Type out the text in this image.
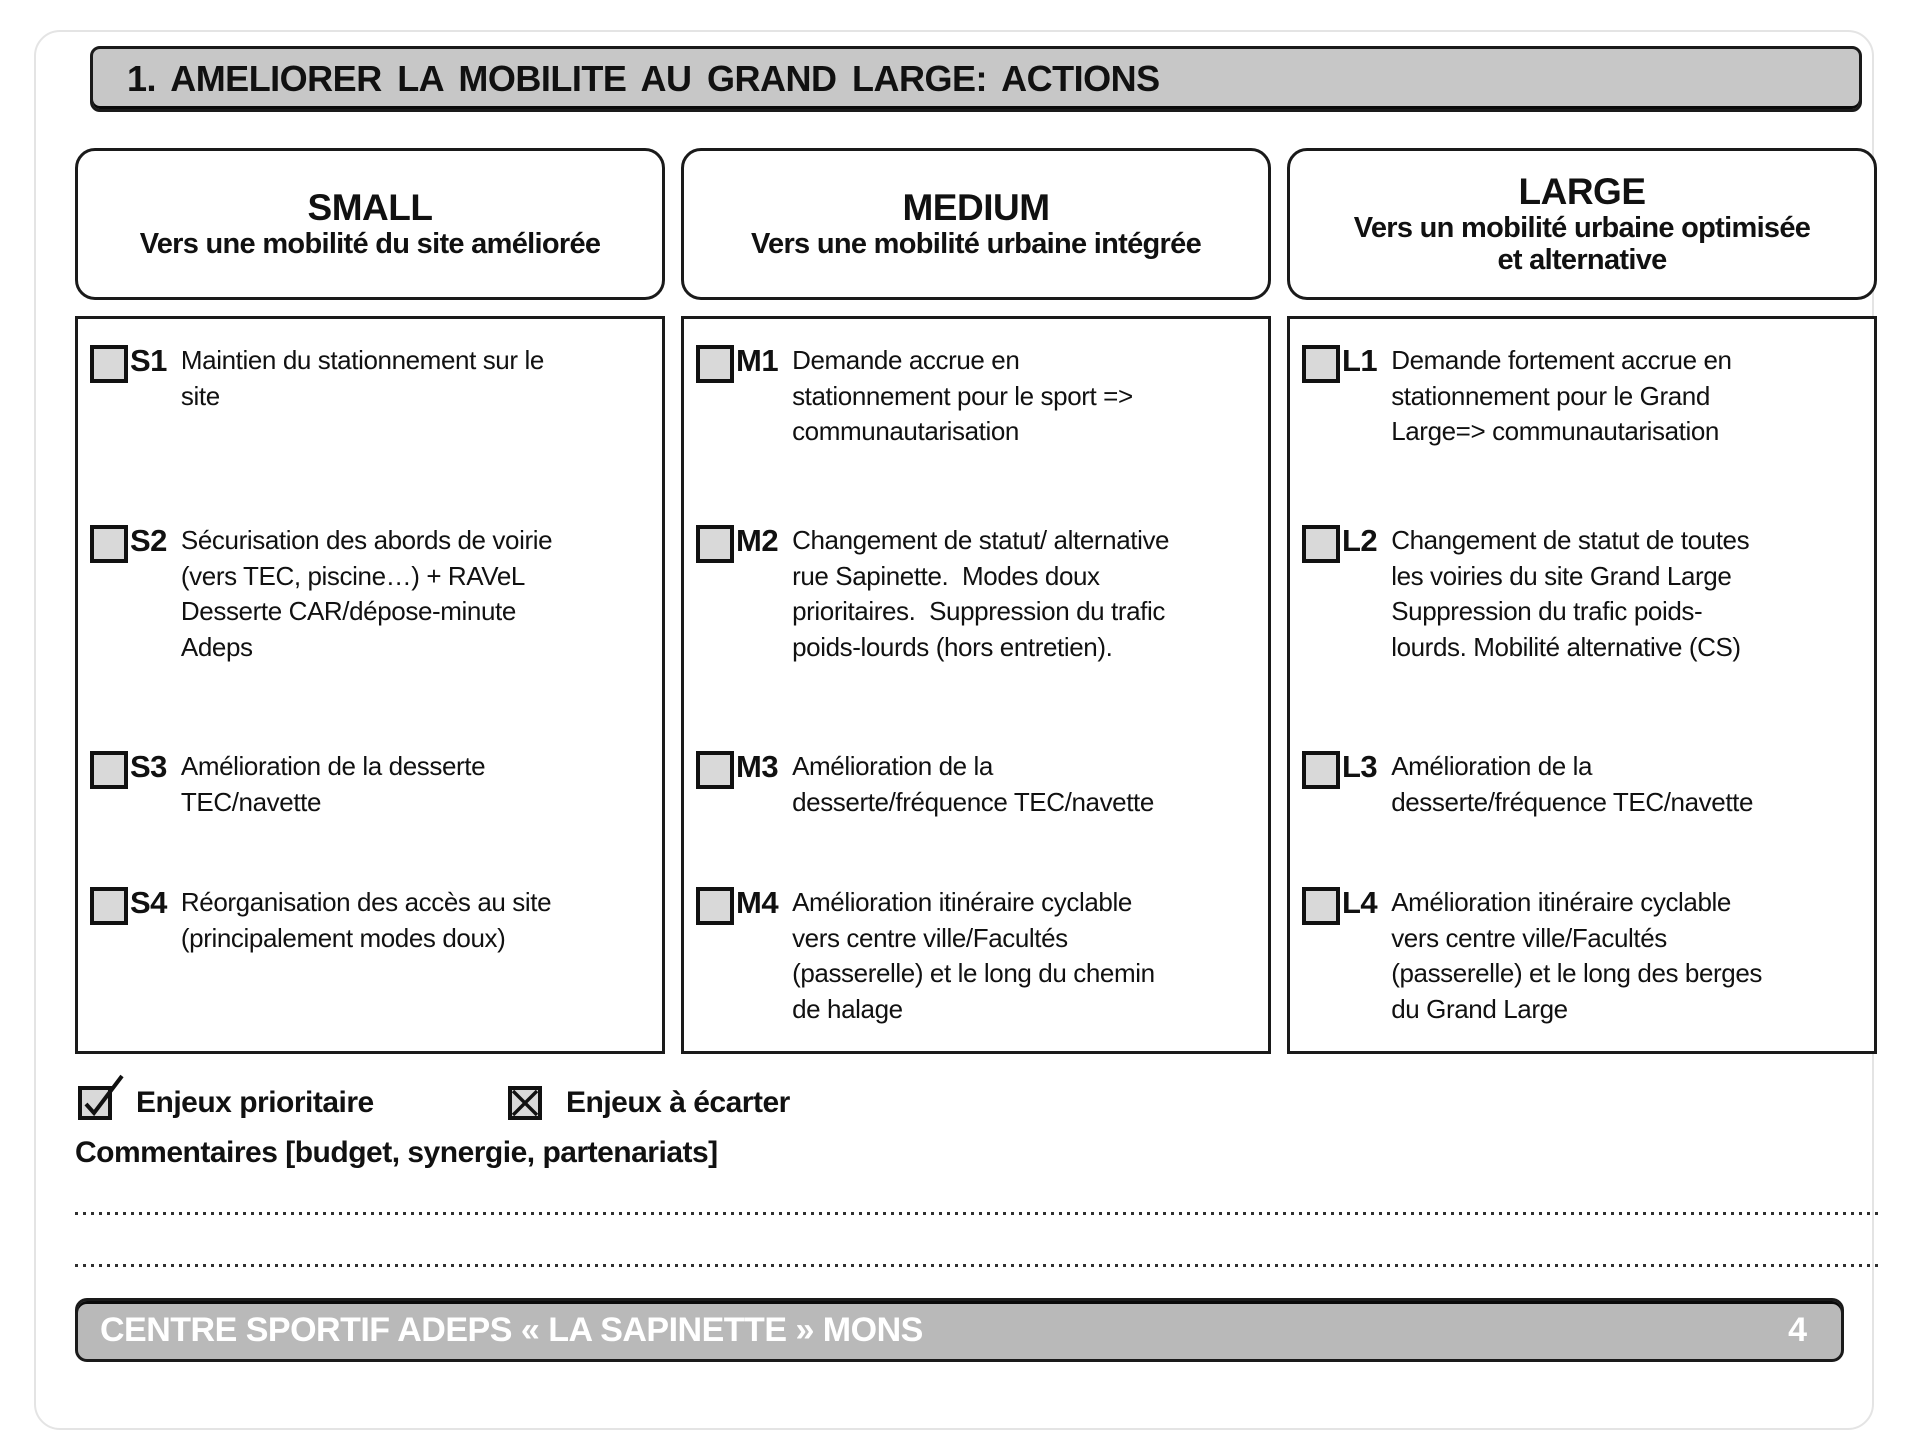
1. AMELIORER LA MOBILITE AU GRAND LARGE: ACTIONS
SMALL
Vers une mobilité du site améliorée
MEDIUM
Vers une mobilité urbaine intégrée
LARGE
Vers un mobilité urbaine optimisée
et alternative
S1 Maintien du stationnement sur le
site
S2 Sécurisation des abords de voirie
(vers TEC, piscine…) + RAVeL
Desserte CAR/dépose-minute
Adeps
S3 Amélioration de la desserte
TEC/navette
S4 Réorganisation des accès au site
(principalement modes doux)
M1 Demande accrue en
stationnement pour le sport =>
communautarisation
M2 Changement de statut/ alternative
rue Sapinette.  Modes doux
prioritaires.  Suppression du trafic
poids-lourds (hors entretien).
M3 Amélioration de la
desserte/fréquence TEC/navette
M4 Amélioration itinéraire cyclable
vers centre ville/Facultés
(passerelle) et le long du chemin
de halage
L1 Demande fortement accrue en
stationnement pour le Grand
Large=> communautarisation
L2 Changement de statut de toutes
les voiries du site Grand Large
Suppression du trafic poids-
lourds. Mobilité alternative (CS)
L3 Amélioration de la
desserte/fréquence TEC/navette
L4 Amélioration itinéraire cyclable
vers centre ville/Facultés
(passerelle) et le long des berges
du Grand Large
Enjeux prioritaire	Enjeux à écarter
Commentaires [budget, synergie, partenariats]
CENTRE SPORTIF ADEPS « LA SAPINETTE » MONS	4
